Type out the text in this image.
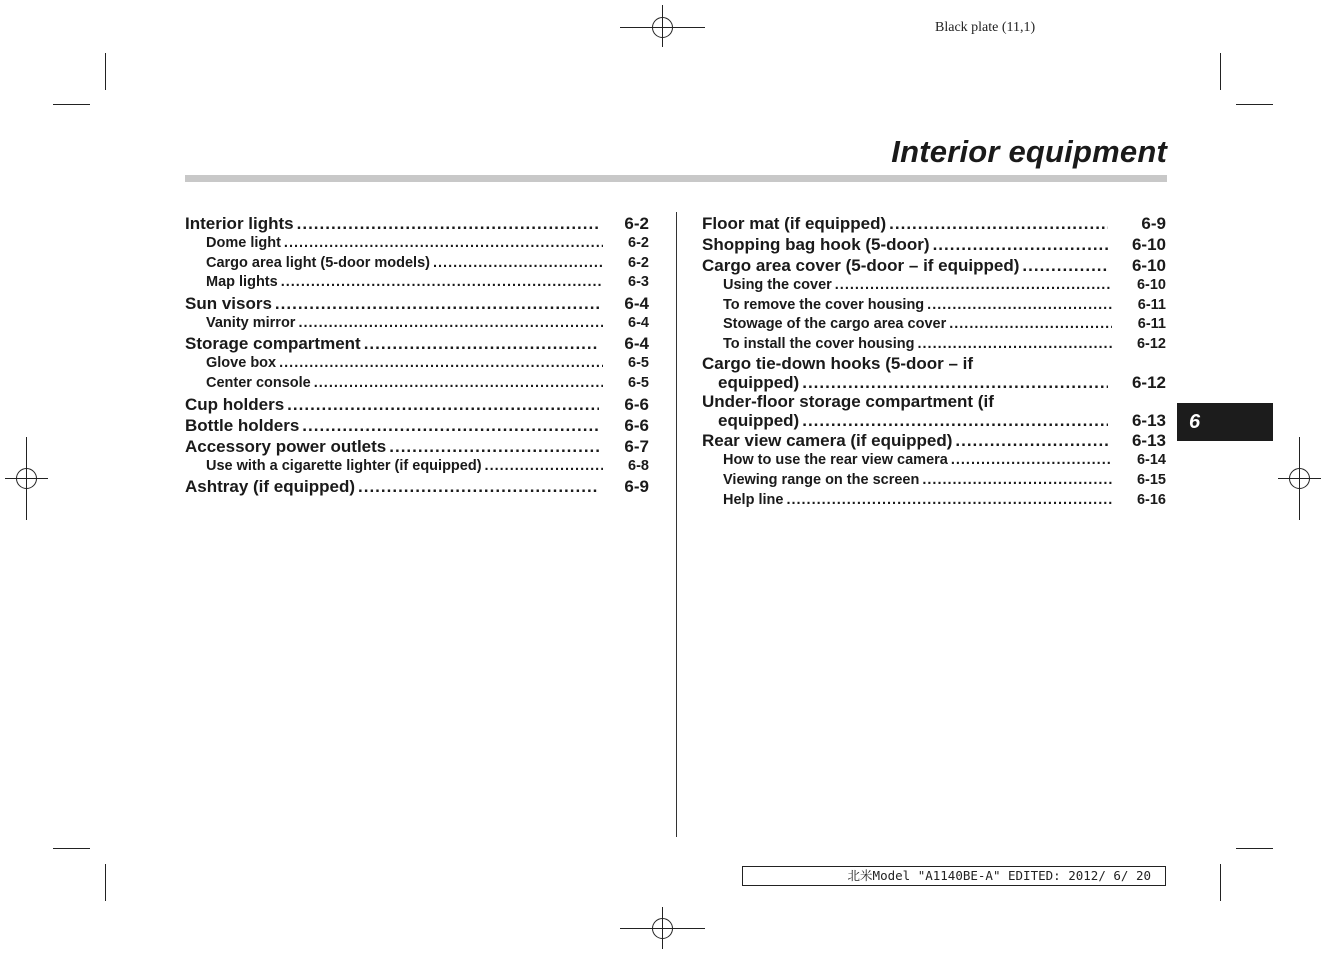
Black plate (11,1)
Interior equipment
Interior lights .....	6-2
Dome light .....	6-2
Cargo area light (5-door models) .....	6-2
Map lights .....	6-3
Sun visors .....	6-4
Vanity mirror .....	6-4
Storage compartment .....	6-4
Glove box .....	6-5
Center console .....	6-5
Cup holders .....	6-6
Bottle holders .....	6-6
Accessory power outlets .....	6-7
Use with a cigarette lighter (if equipped) .....	6-8
Ashtray (if equipped) .....	6-9
Floor mat (if equipped) .....	6-9
Shopping bag hook (5-door) .....	6-10
Cargo area cover (5-door – if equipped) .....	6-10
Using the cover .....	6-10
To remove the cover housing .....	6-11
Stowage of the cargo area cover .....	6-11
To install the cover housing .....	6-12
Cargo tie-down hooks (5-door – if
equipped) .....	6-12
Under-floor storage compartment (if
equipped) .....	6-13
Rear view camera (if equipped) .....	6-13
How to use the rear view camera .....	6-14
Viewing range on the screen .....	6-15
Help line .....	6-16
6
北米Model "A1140BE-A" EDITED: 2012/ 6/ 20
